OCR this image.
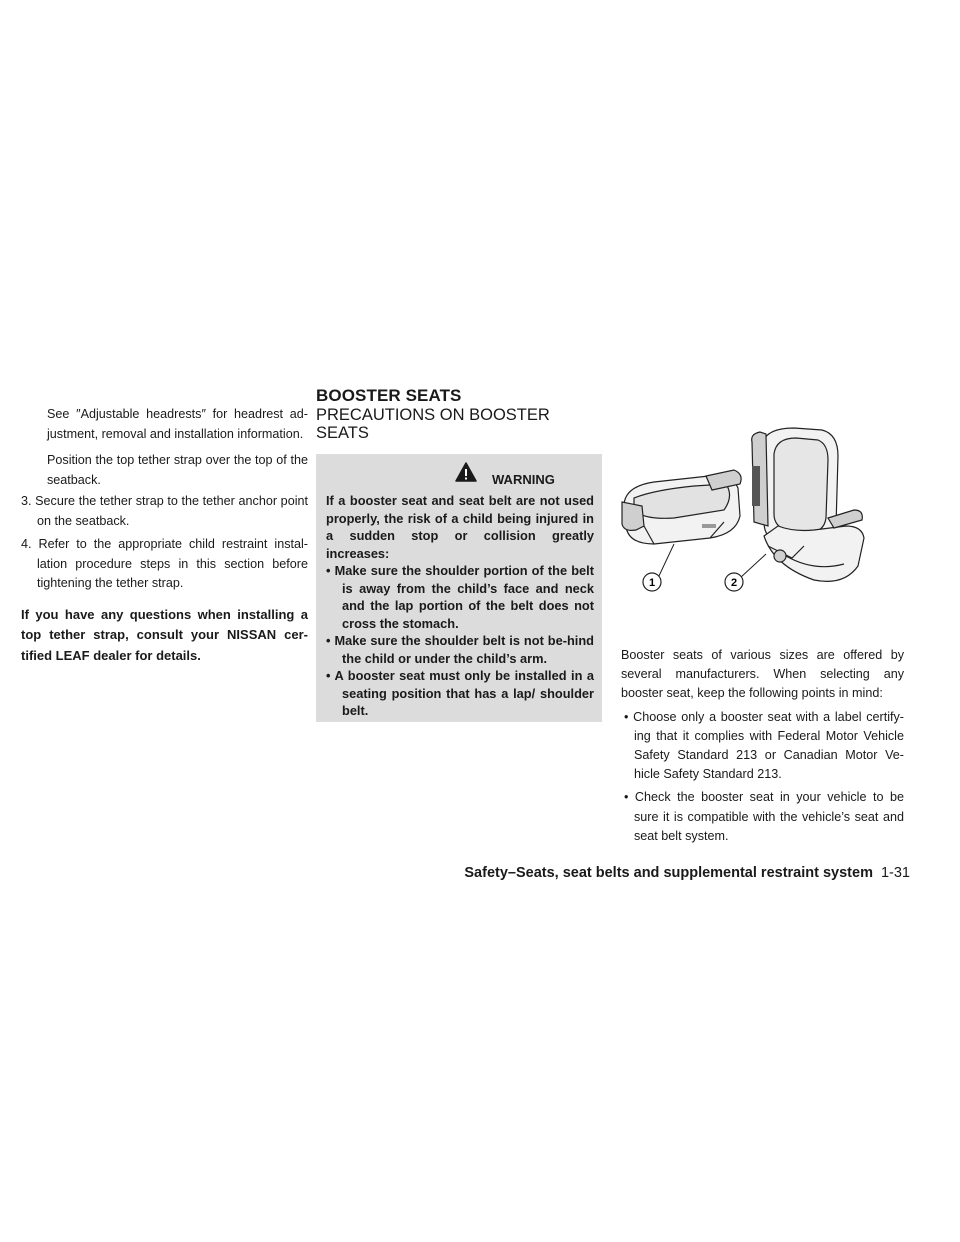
See ″Adjustable headrests″ for headrest ad-justment, removal and installation information.

Position the top tether strap over the top of the seatback.

3. Secure the tether strap to the tether anchor point on the seatback.

4. Refer to the appropriate child restraint instal-lation procedure steps in this section before tightening the tether strap.

If you have any questions when installing a top tether strap, consult your NISSAN cer-tified LEAF dealer for details.

BOOSTER SEATS
PRECAUTIONS ON BOOSTER
SEATS
WARNING

If a booster seat and seat belt are not used properly, the risk of a child being injured in a sudden stop or collision greatly increases:

• Make sure the shoulder portion of the belt is away from the child’s face and neck and the lap portion of the belt does not cross the stomach.

• Make sure the shoulder belt is not be-hind the child or under the child’s arm.

• A booster seat must only be installed in a seating position that has a lap/ shoulder belt.

1	2

Booster seats of various sizes are offered by several manufacturers. When selecting any booster seat, keep the following points in mind:

• Choose only a booster seat with a label certify-ing that it complies with Federal Motor Vehicle Safety Standard 213 or Canadian Motor Ve-hicle Safety Standard 213.

• Check the booster seat in your vehicle to be sure it is compatible with the vehicle’s seat and seat belt system.

Safety–Seats, seat belts and supplemental restraint system 1-31
